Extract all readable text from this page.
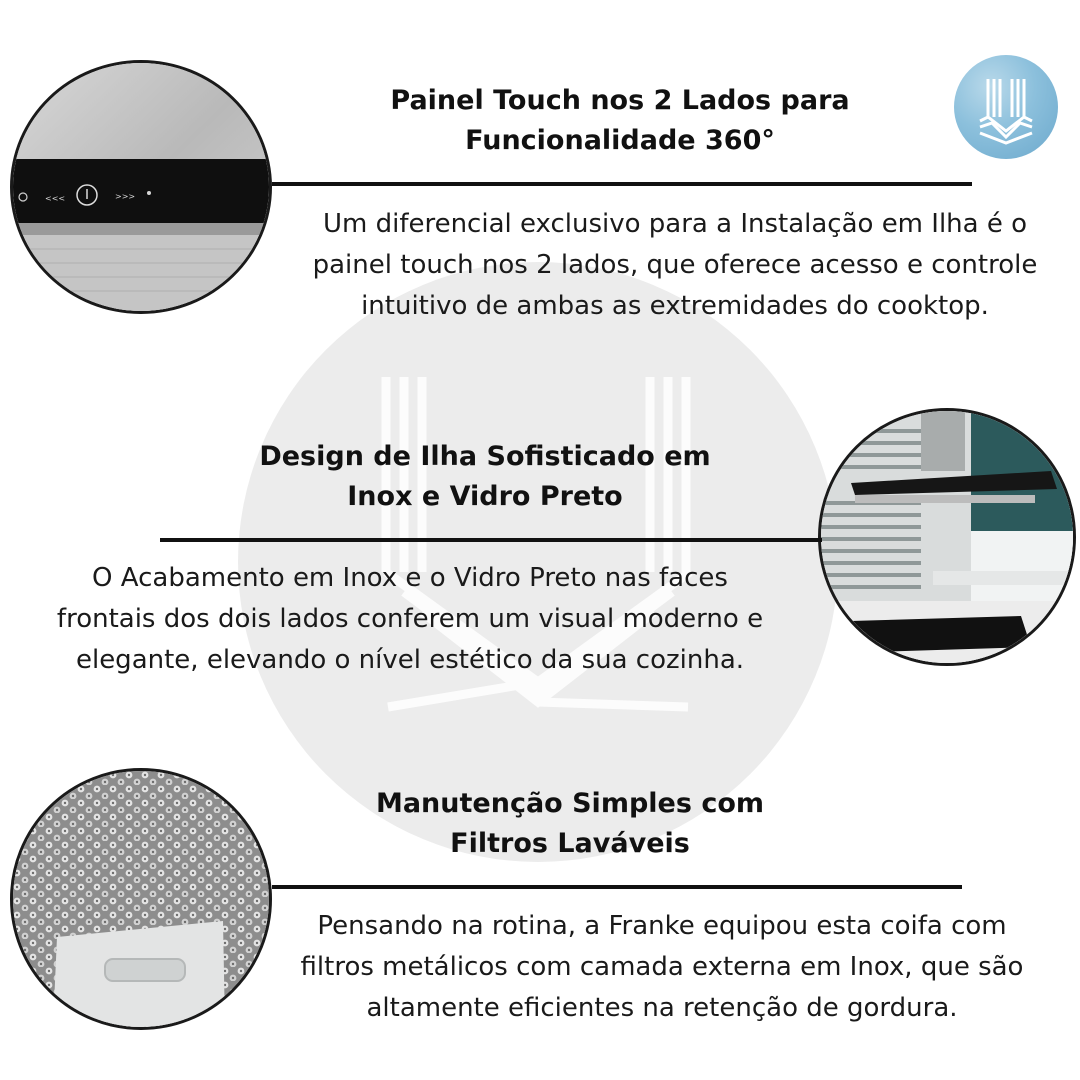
<<<	>>>
Painel Touch nos 2 Lados para
Funcionalidade 360°
Um diferencial exclusivo para a Instalação em Ilha é o
painel touch nos 2 lados, que oferece acesso e controle
intuitivo de ambas as extremidades do cooktop.
Design de Ilha Sofisticado em
Inox e Vidro Preto
O Acabamento em Inox e o Vidro Preto nas faces
frontais dos dois lados conferem um visual moderno e
elegante, elevando o nível estético da sua cozinha.
Manutenção Simples com
Filtros Laváveis
Pensando na rotina, a Franke equipou esta coifa com
filtros metálicos com camada externa em Inox, que são
altamente eficientes na retenção de gordura.
